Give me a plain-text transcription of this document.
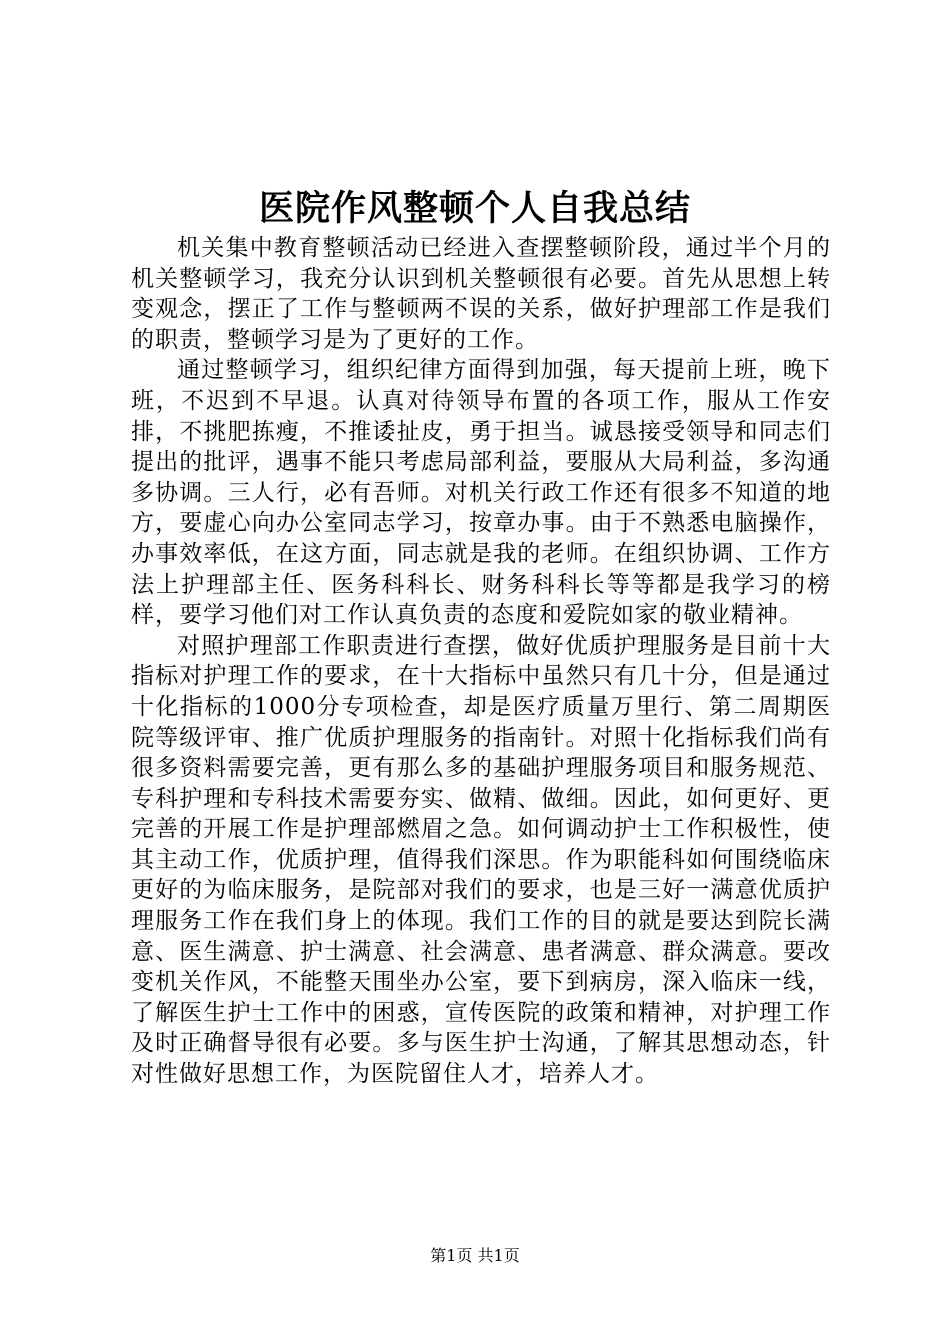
医院作风整顿个人自我总结

机关集中教育整顿活动已经进入查摆整顿阶段，通过半个月的机关整顿学习，我充分认识到机关整顿很有必要。首先从思想上转变观念，摆正了工作与整顿两不误的关系，做好护理部工作是我们的职责，整顿学习是为了更好的工作。

通过整顿学习，组织纪律方面得到加强，每天提前上班，晚下班，不迟到不早退。认真对待领导布置的各项工作，服从工作安排，不挑肥拣瘦，不推诿扯皮，勇于担当。诚恳接受领导和同志们提出的批评，遇事不能只考虑局部利益，要服从大局利益，多沟通多协调。三人行，必有吾师。对机关行政工作还有很多不知道的地方，要虚心向办公室同志学习，按章办事。由于不熟悉电脑操作，办事效率低，在这方面，同志就是我的老师。在组织协调、工作方法上护理部主任、医务科科长、财务科科长等等都是我学习的榜样，要学习他们对工作认真负责的态度和爱院如家的敬业精神。

对照护理部工作职责进行查摆，做好优质护理服务是目前十大指标对护理工作的要求，在十大指标中虽然只有几十分，但是通过十化指标的1000分专项检查，却是医疗质量万里行、第二周期医院等级评审、推广优质护理服务的指南针。对照十化指标我们尚有很多资料需要完善，更有那么多的基础护理服务项目和服务规范、专科护理和专科技术需要夯实、做精、做细。因此，如何更好、更完善的开展工作是护理部燃眉之急。如何调动护士工作积极性，使其主动工作，优质护理，值得我们深思。作为职能科如何围绕临床更好的为临床服务，是院部对我们的要求，也是三好一满意优质护理服务工作在我们身上的体现。我们工作的目的就是要达到院长满意、医生满意、护士满意、社会满意、患者满意、群众满意。要改变机关作风，不能整天围坐办公室，要下到病房，深入临床一线，了解医生护士工作中的困惑，宣传医院的政策和精神，对护理工作及时正确督导很有必要。多与医生护士沟通，了解其思想动态，针对性做好思想工作，为医院留住人才，培养人才。

第1页 共1页
